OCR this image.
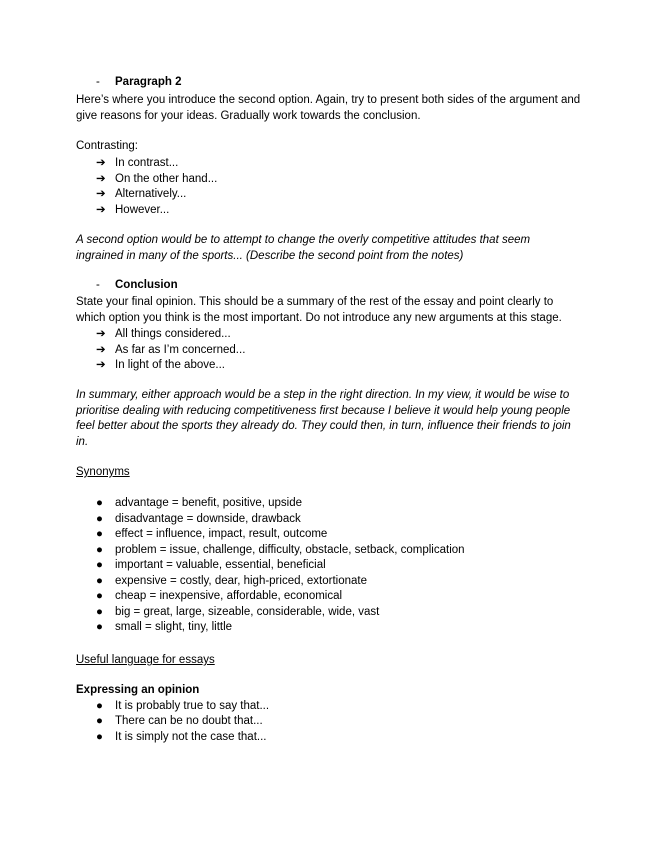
- Paragraph 2
Here’s where you introduce the second option. Again, try to present both sides of the argument and give reasons for your ideas. Gradually work towards the conclusion.
Contrasting:
➔ In contrast...
➔ On the other hand...
➔ Alternatively...
➔ However...
A second option would be to attempt to change the overly competitive attitudes that seem ingrained in many of the sports... (Describe the second point from the notes)
- Conclusion
State your final opinion. This should be a summary of the rest of the essay and point clearly to which option you think is the most important. Do not introduce any new arguments at this stage.
➔ All things considered...
➔ As far as I’m concerned...
➔ In light of the above...
In summary, either approach would be a step in the right direction. In my view, it would be wise to prioritise dealing with reducing competitiveness first because I believe it would help young people feel better about the sports they already do. They could then, in turn, influence their friends to join in.
Synonyms
● advantage = benefit, positive, upside
● disadvantage = downside, drawback
● effect = influence, impact, result, outcome
● problem = issue, challenge, difficulty, obstacle, setback, complication
● important = valuable, essential, beneficial
● expensive = costly, dear, high-priced, extortionate
● cheap = inexpensive, affordable, economical
● big = great, large, sizeable, considerable, wide, vast
● small = slight, tiny, little
Useful language for essays
Expressing an opinion
● It is probably true to say that...
● There can be no doubt that...
● It is simply not the case that...
